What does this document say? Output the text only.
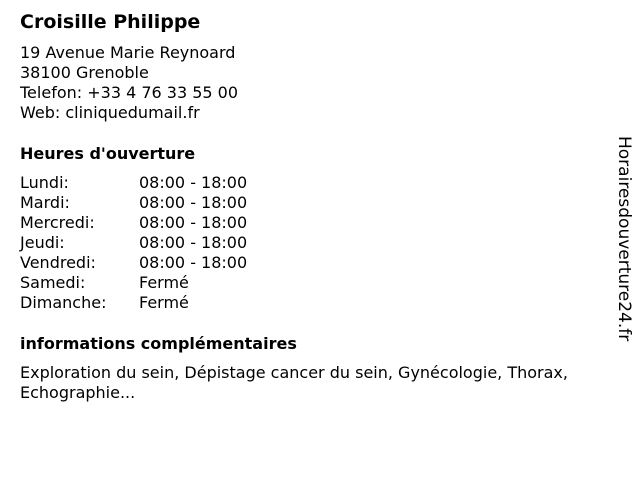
Croisille Philippe
19 Avenue Marie Reynoard
38100 Grenoble
Telefon: +33 4 76 33 55 00
Web: cliniquedumail.fr
Heures d'ouverture
Lundi:	08:00 - 18:00
Mardi:	08:00 - 18:00
Mercredi:	08:00 - 18:00
Jeudi:	08:00 - 18:00
Vendredi:	08:00 - 18:00
Samedi:	Fermé
Dimanche:	Fermé
informations complémentaires
Exploration du sein, Dépistage cancer du sein, Gynécologie, Thorax, Echographie...
Horairesdouverture24.fr
